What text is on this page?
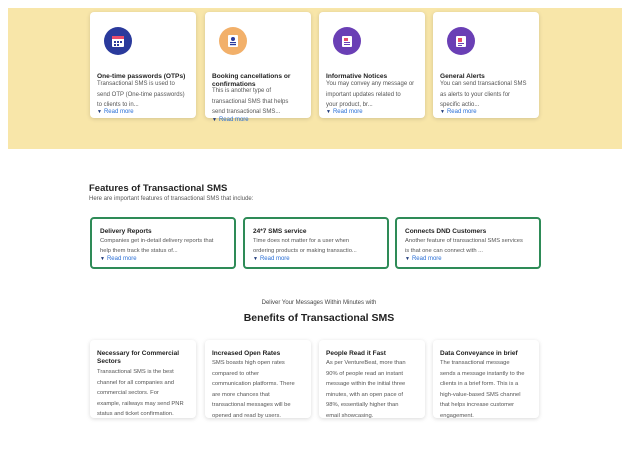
One-time passwords (OTPs)
Transactional SMS is used to
send OTP (One-time passwords)
to clients to in...
▼ Read more
Booking cancellations or
confirmations
This is another type of
transactional SMS that helps
send transactional SMS...
▼ Read more
Informative Notices
You may convey any message or
important updates related to
your product, br...
▼ Read more
General Alerts
You can send transactional SMS
as alerts to your clients for
specific actio...
▼ Read more
Features of Transactional SMS
Here are important features of transactional SMS that include:
Delivery Reports
Companies get in-detail delivery reports that
help them track the status of...
▼ Read more
24*7 SMS service
Time does not matter for a user when
ordering products or making transactio...
▼ Read more
Connects DND Customers
Another feature of transactional SMS services
is that one can connect with ...
▼ Read more
Deliver Your Messages Within Minutes with
Benefits of Transactional SMS
Necessary for Commercial
Sectors
Transactional SMS is the best
channel for all companies and
commercial sectors. For
example, railways may send PNR
status and ticket confirmation.
Increased Open Rates
SMS boasts high open rates
compared to other
communication platforms. There
are more chances that
transactional messages will be
opened and read by users.
People Read it Fast
As per VentureBeat, more than
90% of people read an instant
message within the initial three
minutes, with an open pace of
98%, essentially higher than
email showcasing.
Data Conveyance in brief
The transactional message
sends a message instantly to the
clients in a brief form. This is a
high-value-based SMS channel
that helps increase customer
engagement.
